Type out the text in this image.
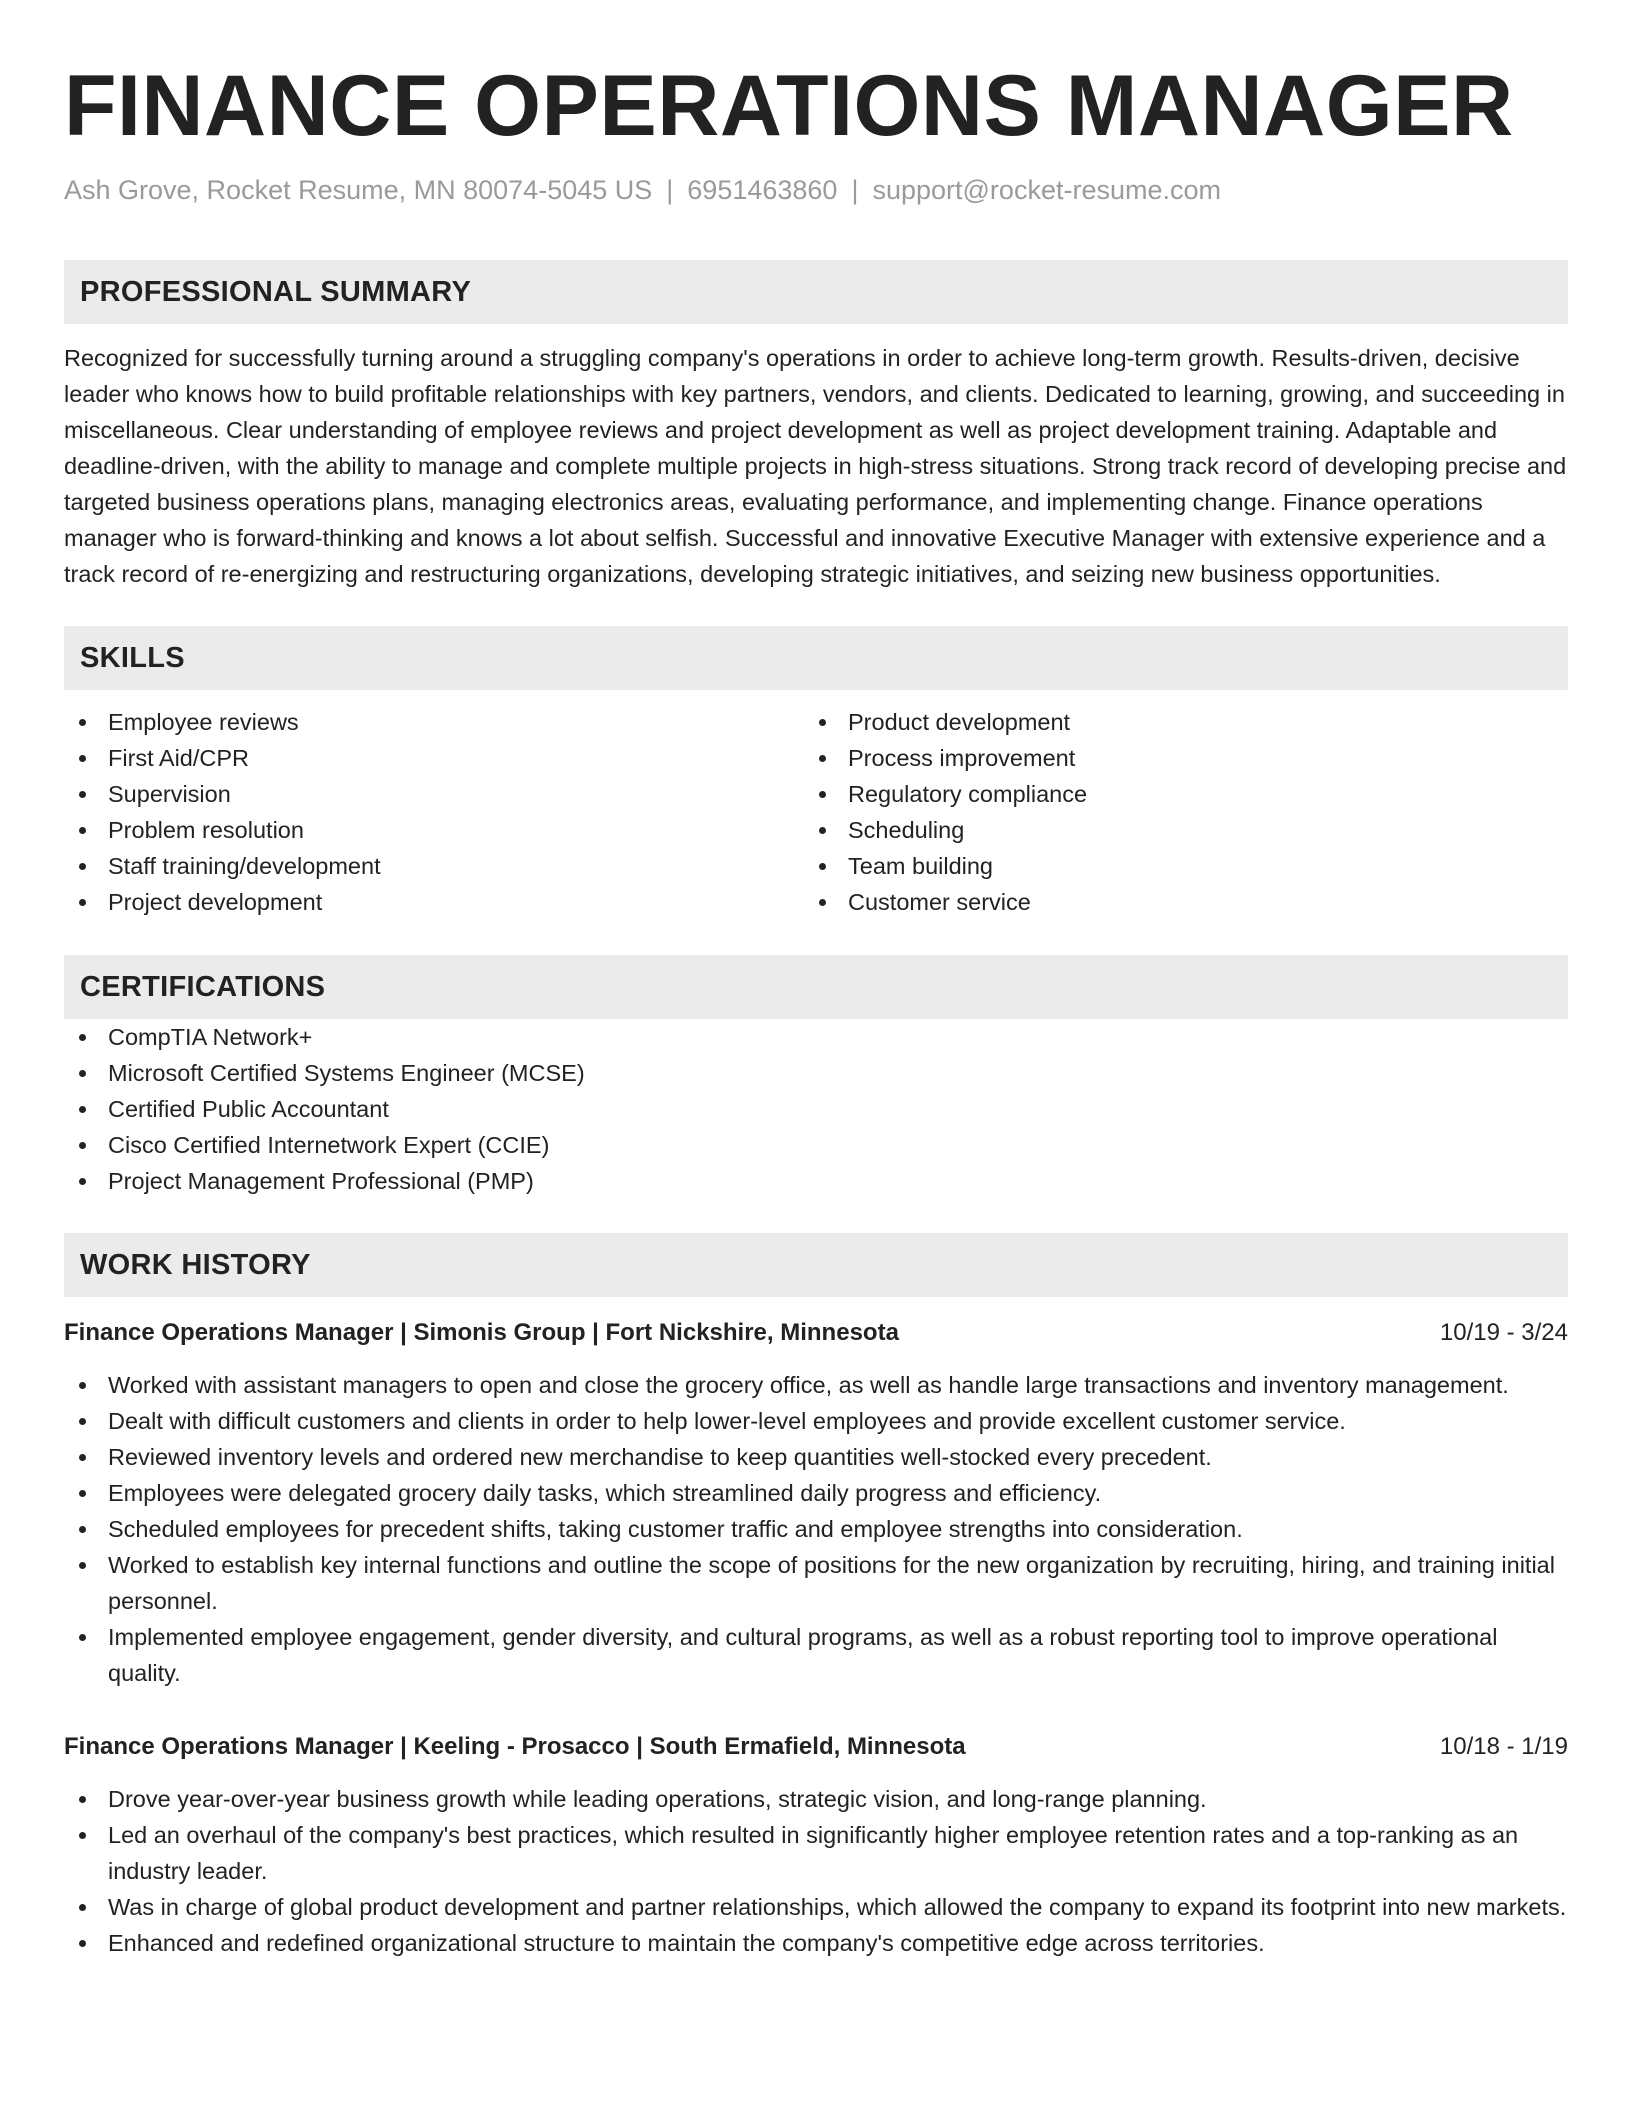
FINANCE OPERATIONS MANAGER
Ash Grove, Rocket Resume, MN 80074-5045 US | 6951463860 | support@rocket-resume.com
PROFESSIONAL SUMMARY

Recognized for successfully turning around a struggling company's operations in order to achieve long-term growth. Results-driven, decisive leader who knows how to build profitable relationships with key partners, vendors, and clients. Dedicated to learning, growing, and succeeding in miscellaneous. Clear understanding of employee reviews and project development as well as project development training. Adaptable and deadline-driven, with the ability to manage and complete multiple projects in high-stress situations. Strong track record of developing precise and targeted business operations plans, managing electronics areas, evaluating performance, and implementing change. Finance operations manager who is forward-thinking and knows a lot about selfish. Successful and innovative Executive Manager with extensive experience and a track record of re-energizing and restructuring organizations, developing strategic initiatives, and seizing new business opportunities.

SKILLS
Employee reviews
First Aid/CPR
Supervision
Problem resolution
Staff training/development
Project development
Product development
Process improvement
Regulatory compliance
Scheduling
Team building
Customer service
CERTIFICATIONS
CompTIA Network+
Microsoft Certified Systems Engineer (MCSE)
Certified Public Accountant
Cisco Certified Internetwork Expert (CCIE)
Project Management Professional (PMP)
WORK HISTORY
Finance Operations Manager | Simonis Group | Fort Nickshire, Minnesota	10/19 - 3/24
Worked with assistant managers to open and close the grocery office, as well as handle large transactions and inventory management.
Dealt with difficult customers and clients in order to help lower-level employees and provide excellent customer service.
Reviewed inventory levels and ordered new merchandise to keep quantities well-stocked every precedent.
Employees were delegated grocery daily tasks, which streamlined daily progress and efficiency.
Scheduled employees for precedent shifts, taking customer traffic and employee strengths into consideration.
Worked to establish key internal functions and outline the scope of positions for the new organization by recruiting, hiring, and training initial personnel.
Implemented employee engagement, gender diversity, and cultural programs, as well as a robust reporting tool to improve operational quality.
Finance Operations Manager | Keeling - Prosacco | South Ermafield, Minnesota	10/18 - 1/19
Drove year-over-year business growth while leading operations, strategic vision, and long-range planning.
Led an overhaul of the company's best practices, which resulted in significantly higher employee retention rates and a top-ranking as an industry leader.
Was in charge of global product development and partner relationships, which allowed the company to expand its footprint into new markets.
Enhanced and redefined organizational structure to maintain the company's competitive edge across territories.
